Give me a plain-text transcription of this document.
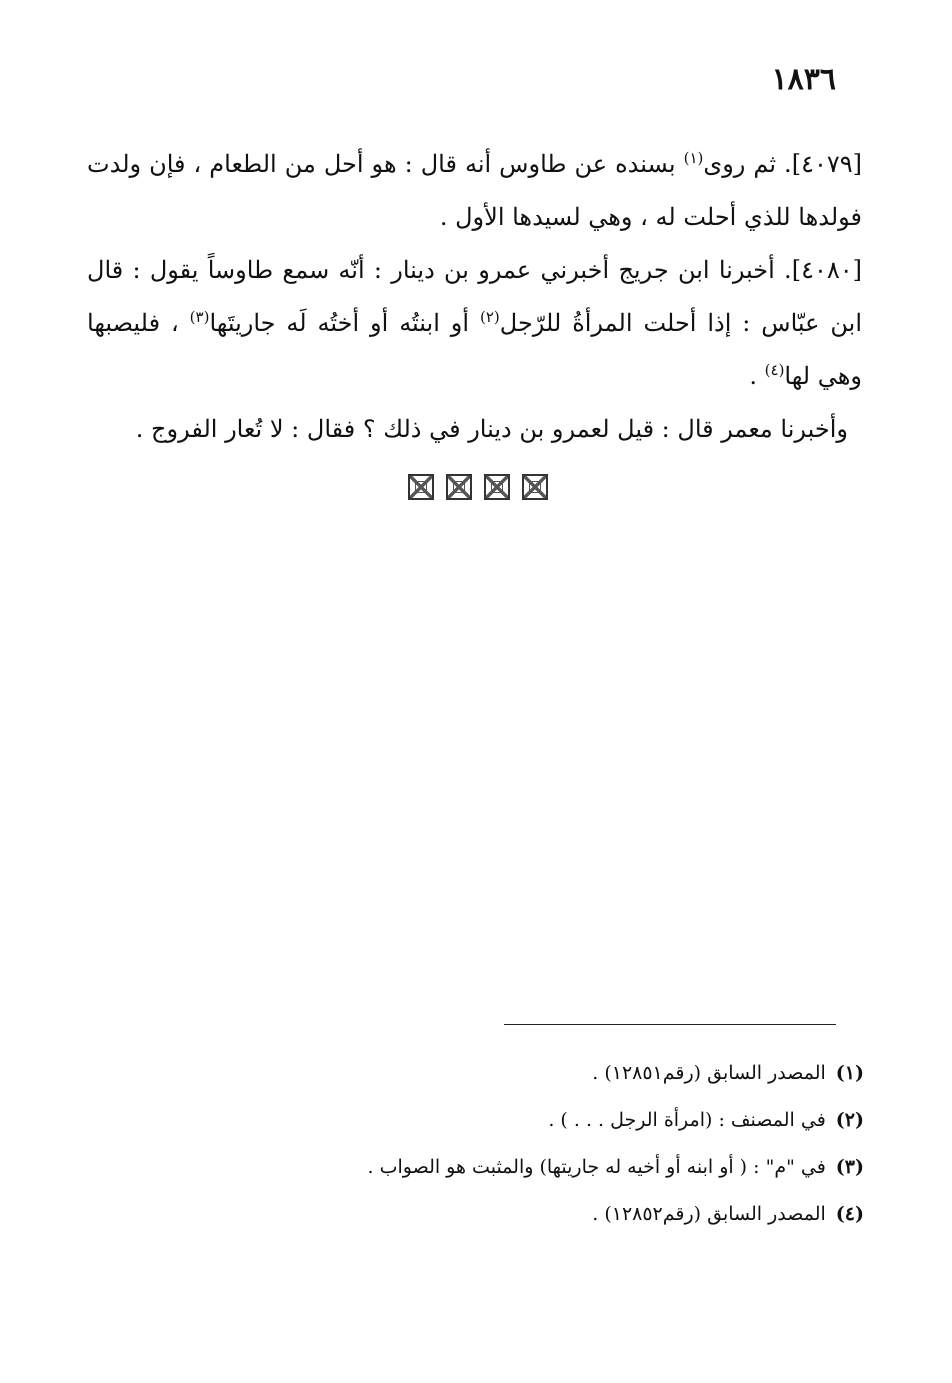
١٨٣٦

[٤٠٧٩]. ثم روى$^{(١)}$ بسنده عن طاوس أنه قال : هو أحل من الطعام ، فإن ولدت فولدها للذي أحلت له ، وهي لسيدها الأول .

[٤٠٨٠]. أخبرنا ابن جريج أخبرني عمرو بن دينار : أنّه سمع طاوساً يقول : قال ابن عبّاس : إذا أحلت المرأةُ للرّجل$^{(٢)}$ أو ابنتُه أو أختُه لَه جاريتَها$^{(٣)}$ ، فليصبها وهي لها$^{(٤)}$ .

وأخبرنا معمر قال : قيل لعمرو بن دينار في ذلك ؟ فقال : لا تُعار الفروج .

(١)المصدر السابق (رقم١٢٨٥١) .

(٢)في المصنف : (امرأة الرجل . . . ) .

(٣)في "م" : ( أو ابنه أو أخيه له جاريتها) والمثبت هو الصواب .

(٤)المصدر السابق (رقم١٢٨٥٢) .
